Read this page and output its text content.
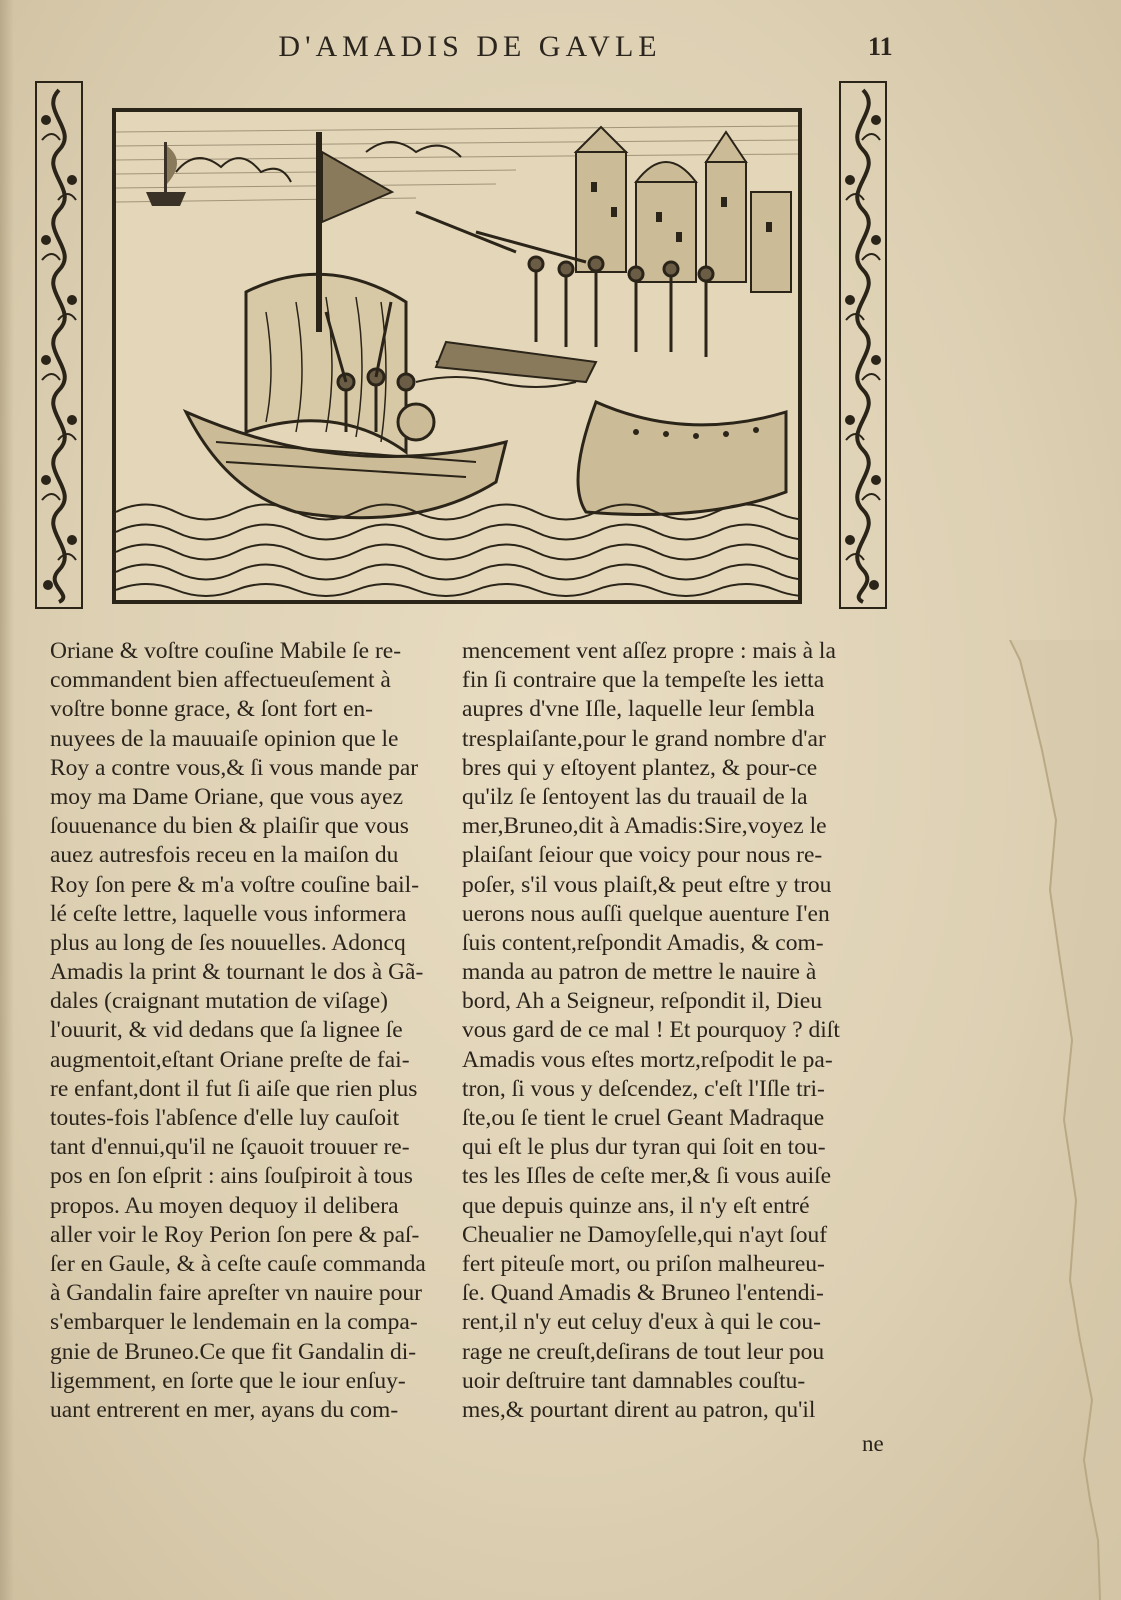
D'AMADIS DE GAVLE	11
Oriane & voſtre couſine Mabile ſe re-
commandent bien affectueuſement à
voſtre bonne grace, & ſont fort en-
nuyees de la mauuaiſe opinion que le
Roy a contre vous,& ſi vous mande par
moy ma Dame Oriane, que vous ayez
ſouuenance du bien & plaiſir que vous
auez autresfois receu en la maiſon du
Roy ſon pere & m'a voſtre couſine bail-
lé ceſte lettre, laquelle vous informera
plus au long de ſes nouuelles. Adoncq
Amadis la print & tournant le dos à Gã-
dales (craignant mutation de viſage)
l'ouurit, & vid dedans que ſa lignee ſe
augmentoit,eſtant Oriane preſte de fai-
re enfant,dont il fut ſi aiſe que rien plus
toutes-fois l'abſence d'elle luy cauſoit
tant d'ennui,qu'il ne ſçauoit trouuer re-
pos en ſon eſprit : ains ſouſpiroit à tous
propos. Au moyen dequoy il delibera
aller voir le Roy Perion ſon pere & paſ-
ſer en Gaule, & à ceſte cauſe commanda
à Gandalin faire apreſter vn nauire pour
s'embarquer le lendemain en la compa-
gnie de Bruneo.Ce que fit Gandalin di-
ligemment, en ſorte que le iour enſuy-
uant entrerent en mer, ayans du com-
mencement vent aſſez propre : mais à la
fin ſi contraire que la tempeſte les ietta
aupres d'vne Iſle, laquelle leur ſembla
tresplaiſante,pour le grand nombre d'ar
bres qui y eſtoyent plantez, & pour-ce
qu'ilz ſe ſentoyent las du trauail de la
mer,Bruneo,dit à Amadis:Sire,voyez le
plaiſant ſeiour que voicy pour nous re-
poſer, s'il vous plaiſt,& peut eſtre y trou
uerons nous auſſi quelque auenture I'en
ſuis content,reſpondit Amadis, & com-
manda au patron de mettre le nauire à
bord, Ah a Seigneur, reſpondit il, Dieu
vous gard de ce mal ! Et pourquoy ? diſt
Amadis vous eſtes mortz,reſpodit le pa-
tron, ſi vous y deſcendez, c'eſt l'Iſle tri-
ſte,ou ſe tient le cruel Geant Madraque
qui eſt le plus dur tyran qui ſoit en tou-
tes les Iſles de ceſte mer,& ſi vous auiſe
que depuis quinze ans, il n'y eſt entré
Cheualier ne Damoyſelle,qui n'ayt ſouf
fert piteuſe mort, ou priſon malheureu-
ſe. Quand Amadis & Bruneo l'entendi-
rent,il n'y eut celuy d'eux à qui le cou-
rage ne creuſt,deſirans de tout leur pou
uoir deſtruire tant damnables couſtu-
mes,& pourtant dirent au patron, qu'il
ne
